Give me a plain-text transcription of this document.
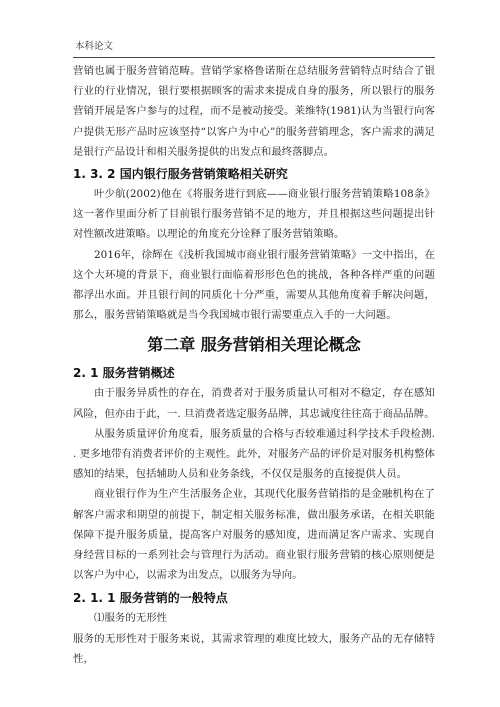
本科论文

营销也属于服务营销范畴。营销学家格鲁诺斯在总结服务营销特点时结合了银行业的行业情况，银行要根据顾客的需求来提成自身的服务，所以银行的服务营销开展是客户参与的过程，而不是被动接受。莱维特(1981)认为当银行向客户提供无形产品时应该坚持“以客户为中心”的服务营销理念，客户需求的满足是银行产品设计和相关服务提供的出发点和最终落脚点。

1. 3. 2 国内银行服务营销策略相关研究

叶少航(2002)他在《将服务进行到底——商业银行服务营销策略108条》这一著作里面分析了目前银行服务营销不足的地方，并且根据这些问题提出针对性额改进策略。以理论的角度充分诠释了服务营销策略。

2016年，徐辉在《浅析我国城市商业银行服务营销策略》一文中指出，在这个大环境的背景下，商业银行面临着形形色色的挑战，各种各样严重的问题都浮出水面。并且银行间的同质化十分严重，需要从其他角度着手解决问题，那么，服务营销策略就是当今我国城市银行需要重点入手的一大问题。

第二章 服务营销相关理论概念
2. 1 服务营销概述

由于服务异质性的存在，消费者对于服务质量认可相对不稳定，存在感知风险，但亦由于此，一. 旦消费者选定服务品牌，其忠诚度往往高于商品品牌。

从服务质量评价角度看，服务质量的合格与否较难通过科学技术手段检测. . 更多地带有消费者评价的主观性。此外，对服务产品的评价是对服务机构整体感知的结果，包括辅助人员和业务条线，不仅仅是服务的直接提供人员。

商业银行作为生产生活服务企业，其现代化服务营销指的是金融机构在了解客户需求和期望的前提下，制定相关服务标准，做出服务承诺，在相关职能保障下提升服务质量，提高客户对服务的感知度，进而满足客户需求、实现自身经营目标的一系列社会与管理行为活动。商业银行服务营销的核心原则便是以客户为中心，以需求为出发点，以服务为导向。

2. 1. 1 服务营销的一般特点

⑴服务的无形性

服务的无形性对于服务来说，其需求管理的难度比较大，服务产品的无存储特性，
